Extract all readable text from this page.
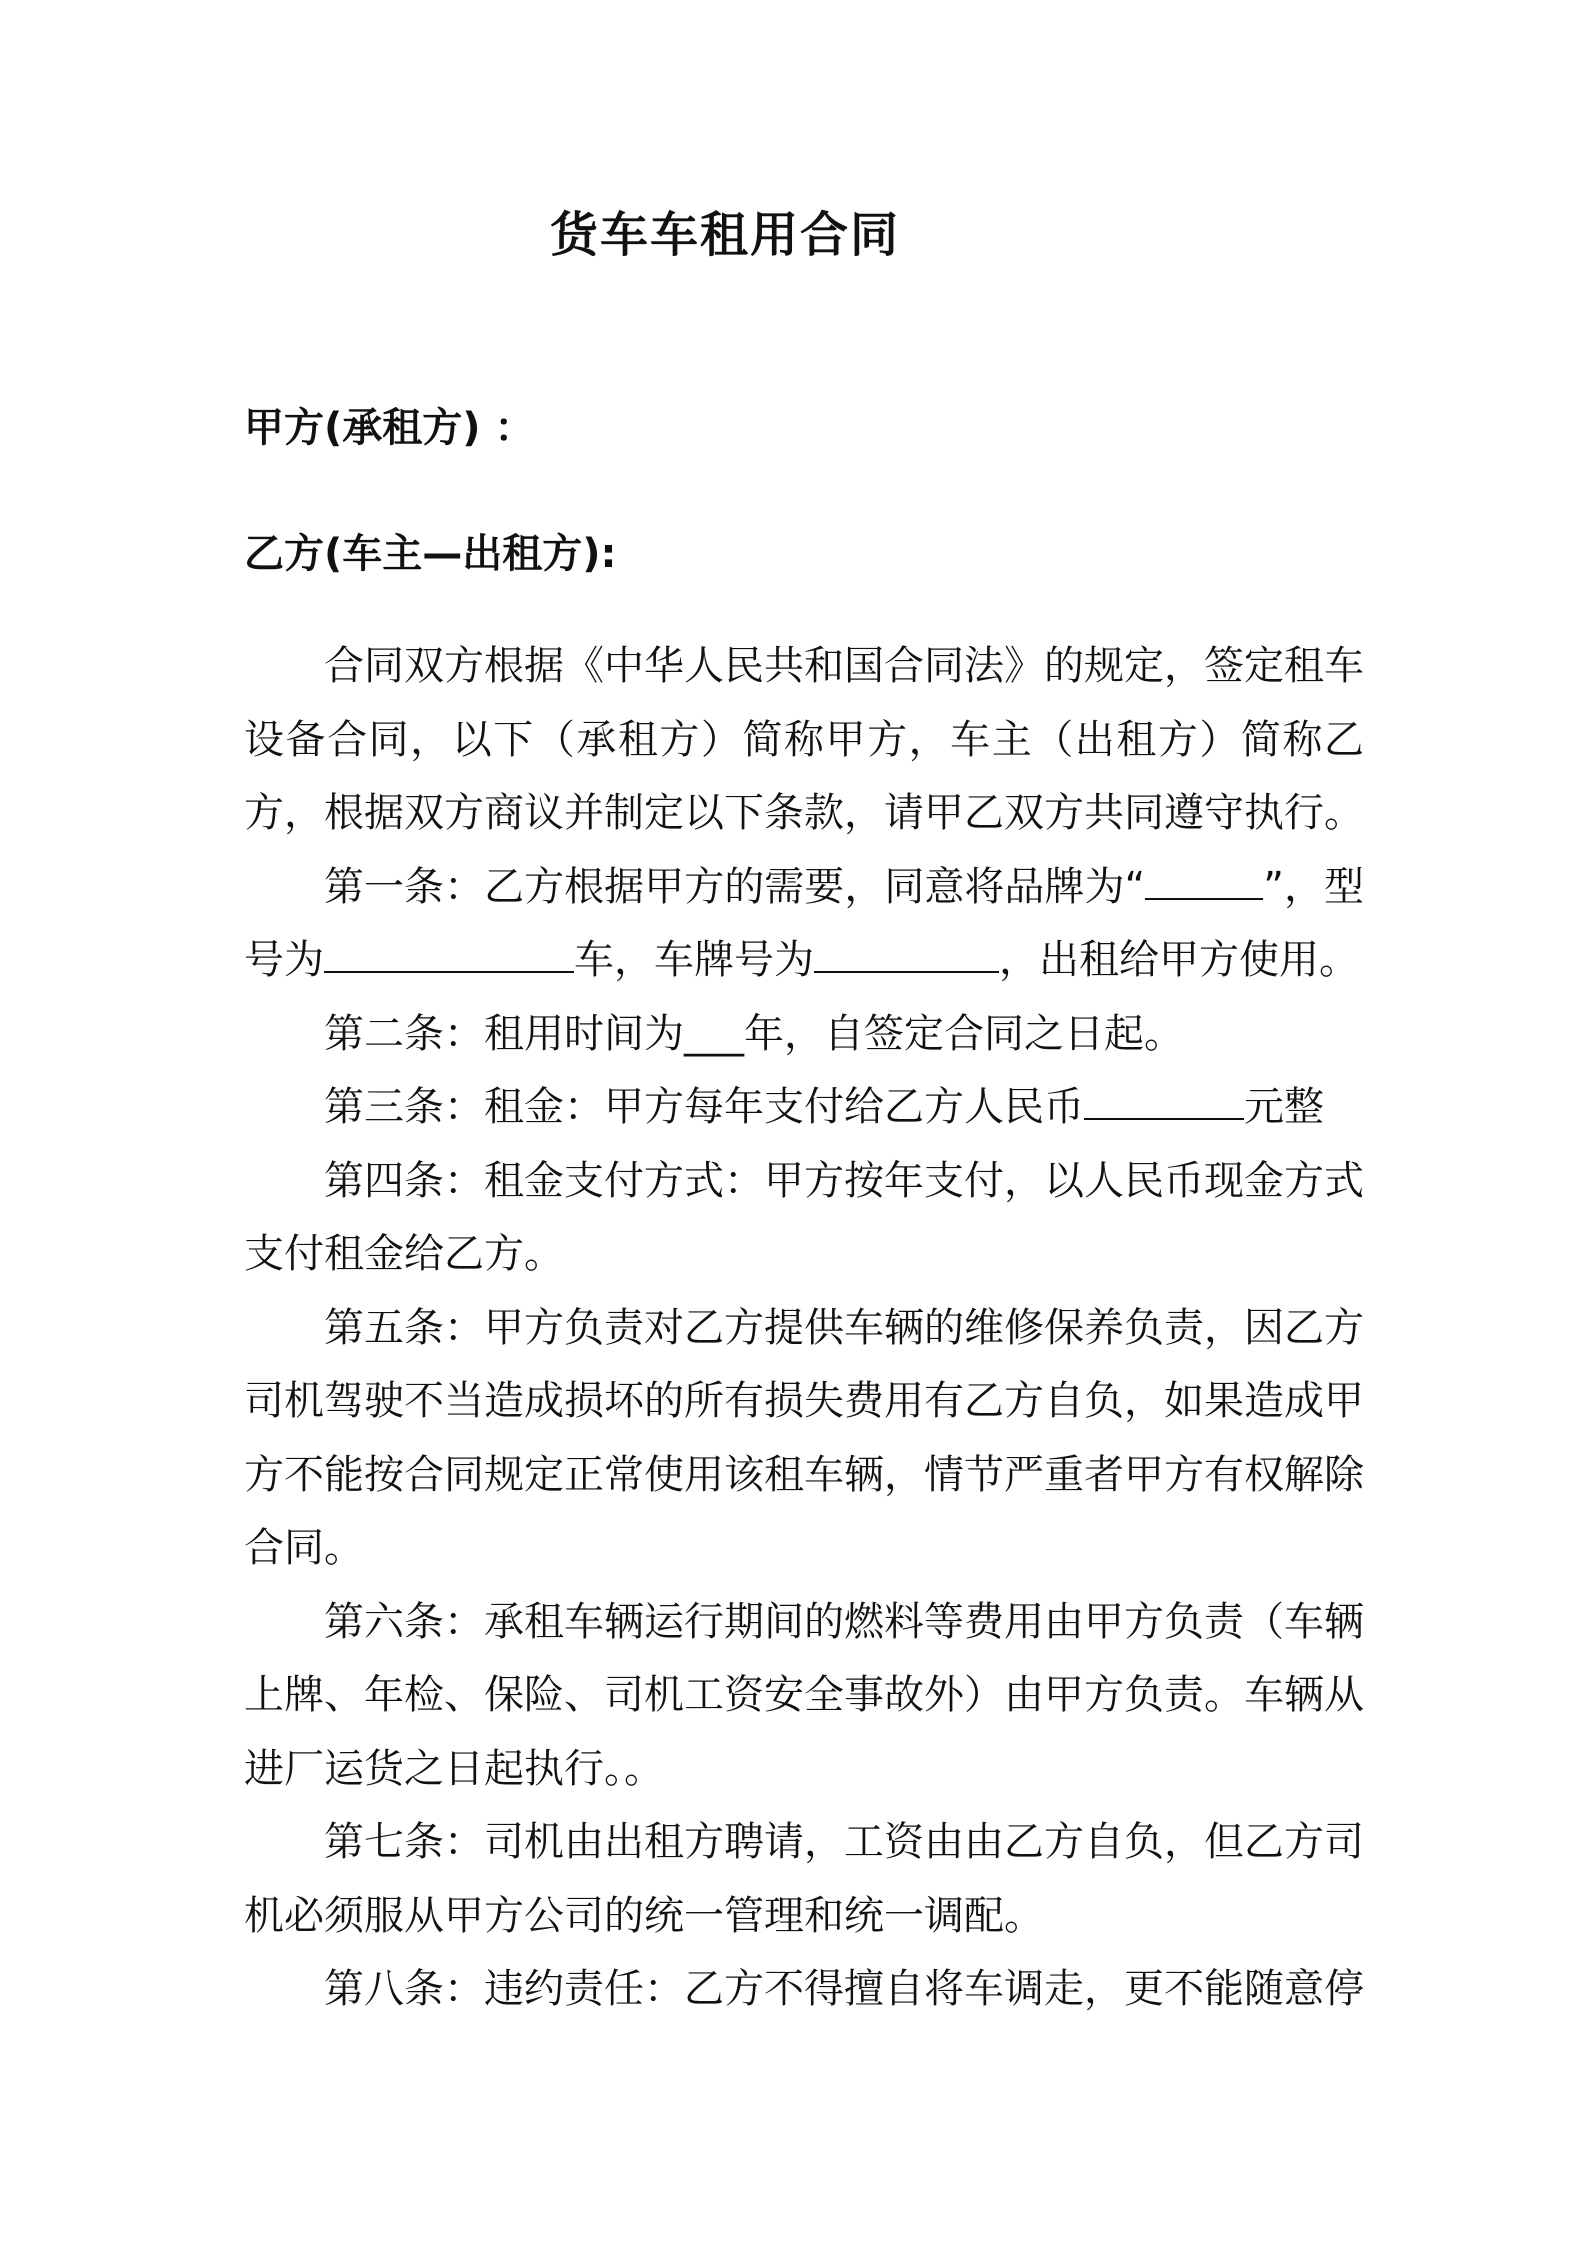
货车车租用合同
甲方(承租方) ：
乙方(车主—出租方):

合同双方根据《中华人民共和国合同法》的规定，签定租车设备合同，以下（承租方）简称甲方，车主（出租方）简称乙方，根据双方商议并制定以下条款，请甲乙双方共同遵守执行。

第一条：乙方根据甲方的需要，同意将品牌为“	”，型号为	车，车牌号为	，出租给甲方使用。

第二条：租用时间为___年，自签定合同之日起。

第三条：租金：甲方每年支付给乙方人民币	元整

第四条：租金支付方式：甲方按年支付，以人民币现金方式支付租金给乙方。

第五条：甲方负责对乙方提供车辆的维修保养负责，因乙方司机驾驶不当造成损坏的所有损失费用有乙方自负，如果造成甲方不能按合同规定正常使用该租车辆，情节严重者甲方有权解除合同。

第六条：承租车辆运行期间的燃料等费用由甲方负责（车辆上牌、年检、保险、司机工资安全事故外）由甲方负责。车辆从进厂运货之日起执行。。

第七条：司机由出租方聘请，工资由由乙方自负，但乙方司机必须服从甲方公司的统一管理和统一调配。

第八条：违约责任：乙方不得擅自将车调走，更不能随意停
